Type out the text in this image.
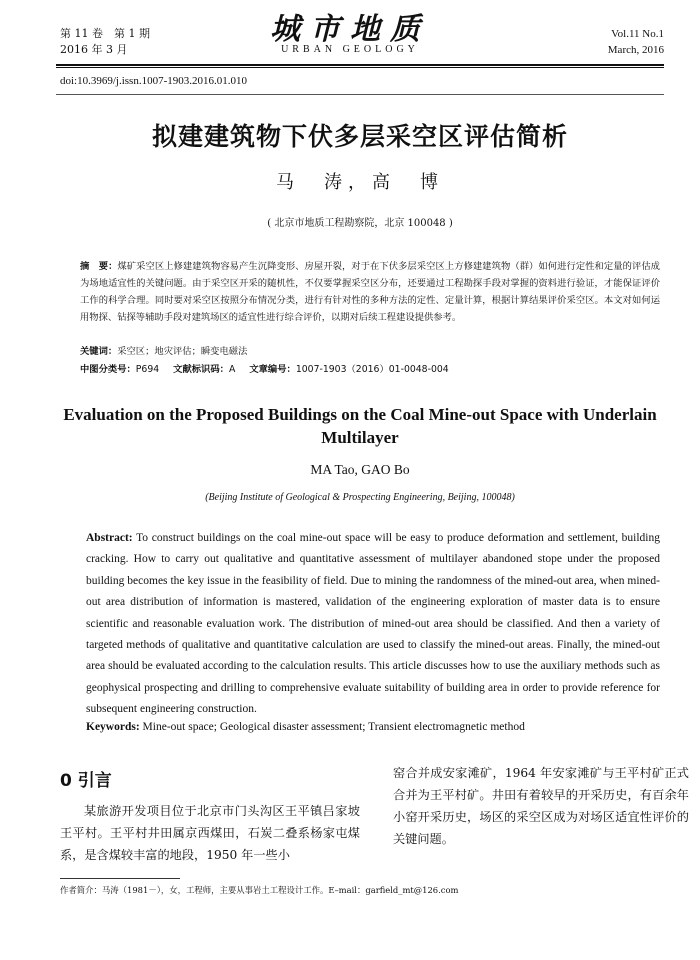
第 11 卷　第 1 期
2016 年 3 月
城市地质
URBAN GEOLOGY
Vol.11 No.1
March, 2016
doi:10.3969/j.issn.1007-1903.2016.01.010
拟建建筑物下伏多层采空区评估简析
马　涛，高　博
( 北京市地质工程勘察院，北京 100048 )
摘　要：煤矿采空区上修建建筑物容易产生沉降变形、房屋开裂，对于在下伏多层采空区上方修建建筑物（群）如何进行定性和定量的评估成为场地适宜性的关键问题。由于采空区开采的随机性，不仅要掌握采空区分布，还要通过工程勘探手段对掌握的资料进行验证，才能保证评价工作的科学合理。同时要对采空区按照分布情况分类，进行有针对性的多种方法的定性、定量计算，根据计算结果评价采空区。本文对如何运用物探、钻探等辅助手段对建筑场区的适宜性进行综合评价，以期对后续工程建设提供参考。
关键词：采空区；地灾评估；瞬变电磁法
中图分类号：P694 文献标识码：A 文章编号：1007-1903（2016）01-0048-004
Evaluation on the Proposed Buildings on the Coal Mine-out Space with Underlain Multilayer
MA Tao, GAO Bo
(Beijing Institute of Geological & Prospecting Engineering, Beijing, 100048)
Abstract: To construct buildings on the coal mine-out space will be easy to produce deformation and settlement, building cracking. How to carry out qualitative and quantitative assessment of multilayer abandoned stope under the proposed building becomes the key issue in the feasibility of field. Due to mining the randomness of the mined-out area, when mined-out area distribution of information is mastered, validation of the engineering exploration of master data is to ensure scientific and reasonable evaluation work. The distribution of mined-out area should be classified. And then a variety of targeted methods of qualitative and quantitative calculation are used to classify the mined-out areas. Finally, the mined-out area should be evaluated according to the calculation results. This article discusses how to use the auxiliary methods such as geophysical prospecting and drilling to comprehensive evaluate suitability of building area in order to provide reference for subsequent engineering construction.
Keywords: Mine-out space; Geological disaster assessment; Transient electromagnetic method
0 引言
某旅游开发项目位于北京市门头沟区王平镇吕家坡王平村。王平村井田属京西煤田，石炭二叠系杨家屯煤系，是含煤较丰富的地段，1950 年一些小
窑合并成安家滩矿，1964 年安家滩矿与王平村矿正式合并为王平村矿。井田有着较早的开采历史，有百余年小窑开采历史，场区的采空区成为对场区适宜性评价的关键问题。
作者简介：马涛（1981－），女，工程师，主要从事岩土工程设计工作。E–mail：garfield_mt@126.com
